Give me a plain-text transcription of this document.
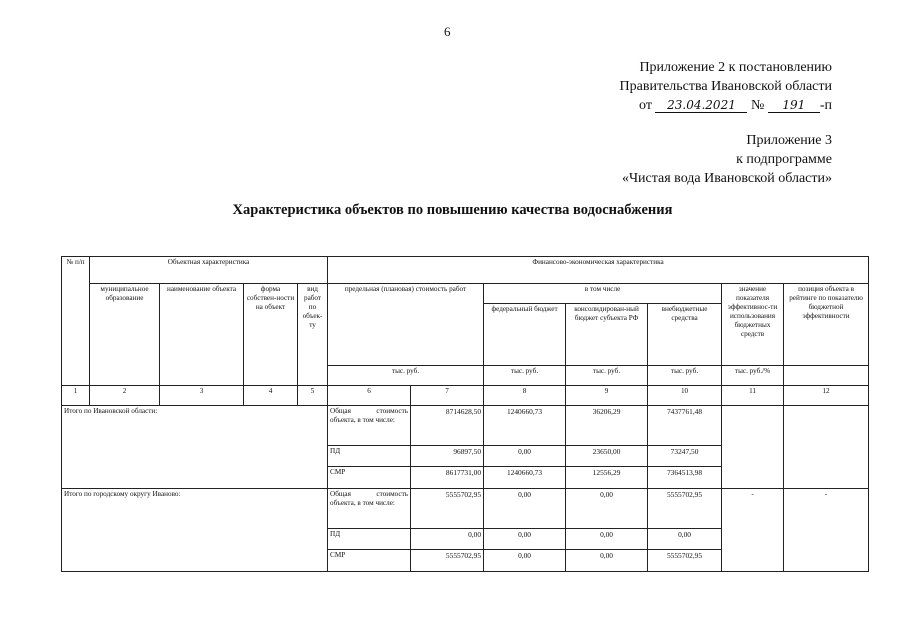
6
Приложение 2 к постановлению
Правительства Ивановской области
от 23.04.2021 № 191 -п
Приложение 3
к подпрограмме
«Чистая вода Ивановской области»
Характеристика объектов по повышению качества водоснабжения
№ п/п	Объектная характеристика				Финансово-экономическая характеристика						
	муниципальное образование	наименование объекта	форма собствен-ности на объект	вид работ по объек-ту	предельная (плановая) стоимость работ		в том числе			значение показателя эффективнос-ти использования бюджетных средств	позиция объекта в рейтинге по показателю бюджетной эффективности
							федеральный бюджет	консолидирован-ный бюджет субъекта РФ	внебюджетные средства		
					тыс. руб.		тыс. руб.	тыс. руб.	тыс. руб.	тыс. руб./%	
1	2	3	4	5	6	7	8	9	10	11	12
Итого по Ивановской области:					Общая стоимость объекта, в том числе:	8714628,50	1240660,73	36206,29	7437761,48		
					ПД	96897,50	0,00	23650,00	73247,50		
					СМР	8617731,00	1240660,73	12556,29	7364513,98		
Итого по городскому округу Иваново:					Общая стоимость объекта, в том числе:	5555702,95	0,00	0,00	5555702,95	-	-
					ПД	0,00	0,00	0,00	0,00		
					СМР	5555702,95	0,00	0,00	5555702,95		
